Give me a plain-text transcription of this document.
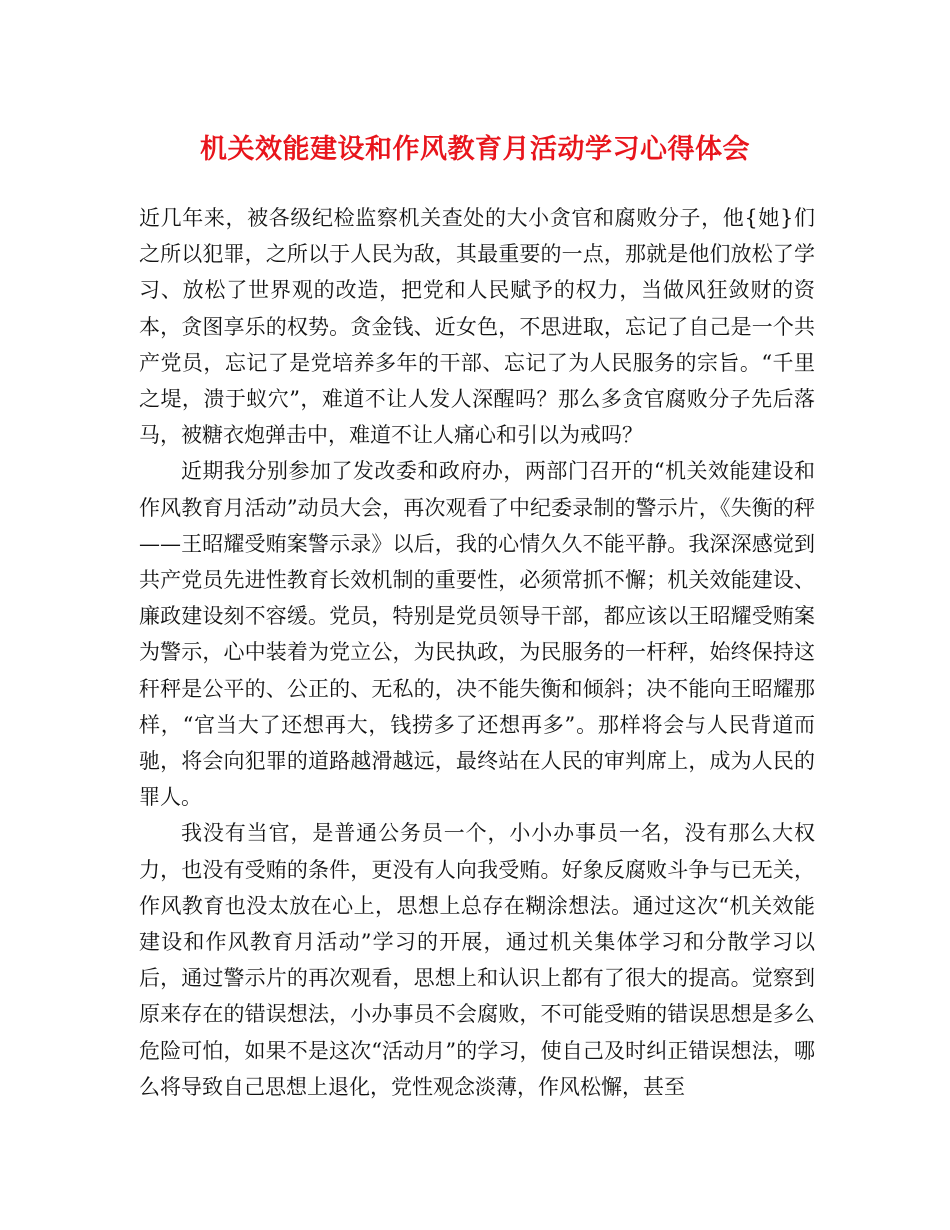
机关效能建设和作风教育月活动学习心得体会

近几年来，被各级纪检监察机关查处的大小贪官和腐败分子，他{她}们之所以犯罪，之所以于人民为敌，其最重要的一点，那就是他们放松了学习、放松了世界观的改造，把党和人民赋予的权力，当做风狂敛财的资本，贪图享乐的权势。贪金钱、近女色，不思进取，忘记了自己是一个共产党员，忘记了是党培养多年的干部、忘记了为人民服务的宗旨。“千里之堤，溃于蚁穴”，难道不让人发人深醒吗？那么多贪官腐败分子先后落马，被糖衣炮弹击中，难道不让人痛心和引以为戒吗？

近期我分别参加了发改委和政府办，两部门召开的“机关效能建设和作风教育月活动”动员大会，再次观看了中纪委录制的警示片，《失衡的秤——王昭耀受贿案警示录》以后，我的心情久久不能平静。我深深感觉到共产党员先进性教育长效机制的重要性，必须常抓不懈；机关效能建设、廉政建设刻不容缓。党员，特别是党员领导干部，都应该以王昭耀受贿案为警示，心中装着为党立公，为民执政，为民服务的一杆秤，始终保持这秆秤是公平的、公正的、无私的，决不能失衡和倾斜；决不能向王昭耀那样，“官当大了还想再大，钱捞多了还想再多”。那样将会与人民背道而驰，将会向犯罪的道路越滑越远，最终站在人民的审判席上，成为人民的罪人。

我没有当官，是普通公务员一个，小小办事员一名，没有那么大权力，也没有受贿的条件，更没有人向我受贿。好象反腐败斗争与已无关，作风教育也没太放在心上，思想上总存在糊涂想法。通过这次“机关效能建设和作风教育月活动”学习的开展，通过机关集体学习和分散学习以后，通过警示片的再次观看，思想上和认识上都有了很大的提高。觉察到原来存在的错误想法，小办事员不会腐败，不可能受贿的错误思想是多么危险可怕，如果不是这次“活动月”的学习，使自己及时纠正错误想法，哪么将导致自己思想上退化，党性观念淡薄，作风松懈，甚至
